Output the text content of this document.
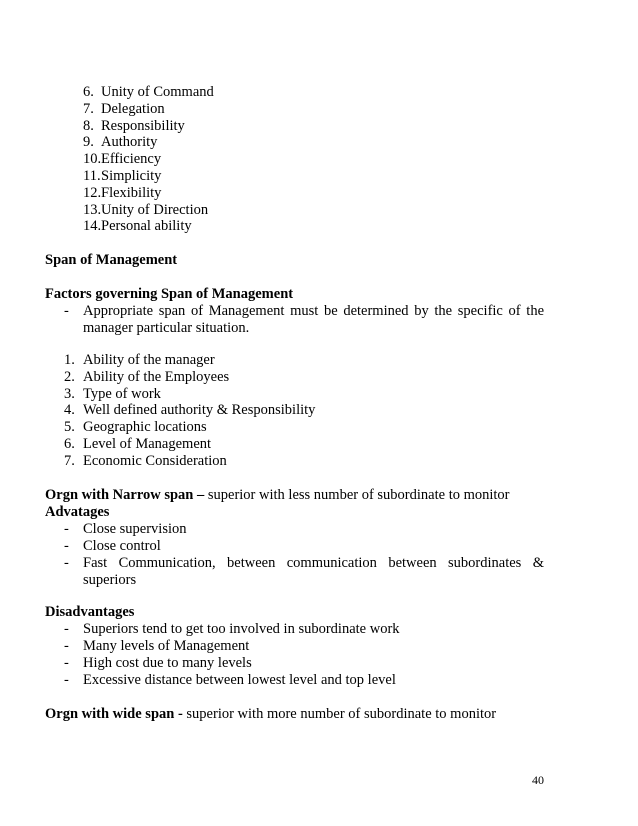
6. Unity of Command
7. Delegation
8. Responsibility
9. Authority
10. Efficiency
11. Simplicity
12. Flexibility
13. Unity of Direction
14. Personal ability
Span of Management
Factors governing Span of Management
- Appropriate span of Management must be determined by the specific of the
manager particular situation.
1. Ability of the manager
2. Ability of the Employees
3. Type of work
4. Well defined authority & Responsibility
5. Geographic locations
6. Level of Management
7. Economic Consideration
Orgn with Narrow span – superior with less number of subordinate to monitor
Advatages
- Close supervision
- Close control
- Fast Communication, between communication between subordinates &
superiors
Disadvantages
- Superiors tend to get too involved in subordinate work
- Many levels of Management
- High cost due to many levels
- Excessive distance between lowest level and top level
Orgn with wide span - superior with more number of subordinate to monitor
40
